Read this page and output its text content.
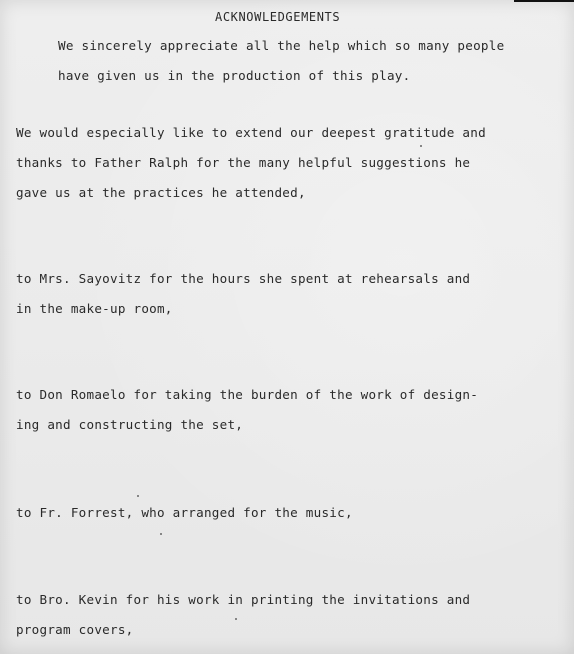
ACKNOWLEDGEMENTS
We sincerely appreciate all the help which so many people
have given us in the production of this play.
We would especially like to extend our deepest gratitude and
thanks to Father Ralph for the many helpful suggestions he
gave us at the practices he attended,
to Mrs. Sayovitz for the hours she spent at rehearsals and
in the make-up room,
to Don Romaelo for taking the burden of the work of design-
ing and constructing the set,
to Fr. Forrest, who arranged for the music,
to Bro. Kevin for his work in printing the invitations and
program covers,
